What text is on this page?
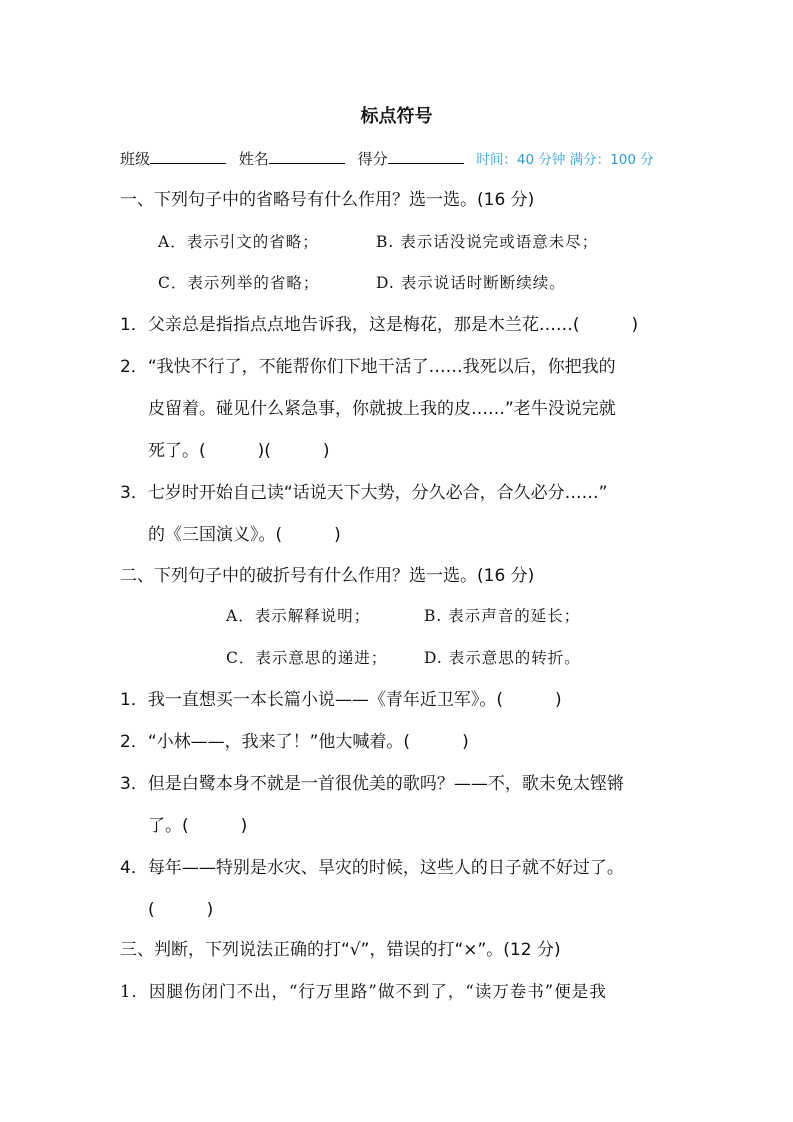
标点符号
班级	姓名	得分	时间：40 分钟 满分：100 分
一、下列句子中的省略号有什么作用？选一选。(16 分)
A．表示引文的省略；	B. 表示话没说完或语意未尽；
C．表示列举的省略；	D. 表示说话时断断续续。
1．父亲总是指指点点地告诉我，这是梅花，那是木兰花……(	)
2．“我快不行了，不能帮你们下地干活了……我死以后，你把我的
皮留着。碰见什么紧急事，你就披上我的皮……”老牛没说完就
死了。(	)(	)
3．七岁时开始自己读“话说天下大势，分久必合，合久必分……”
的《三国演义》。(	)
二、下列句子中的破折号有什么作用？选一选。(16 分)
A．表示解释说明；	B. 表示声音的延长；
C．表示意思的递进； D. 表示意思的转折。
1．我一直想买一本长篇小说——《青年近卫军》。(	)
2．“小林——，我来了！”他大喊着。(	)
3．但是白鹭本身不就是一首很优美的歌吗？——不，歌未免太铿锵
了。(	)
4．每年——特别是水灾、旱灾的时候，这些人的日子就不好过了。
(	)
三、判断，下列说法正确的打“√”，错误的打“×”。(12 分)
1．因腿伤闭门不出，“行万里路”做不到了，“读万卷书”便是我
